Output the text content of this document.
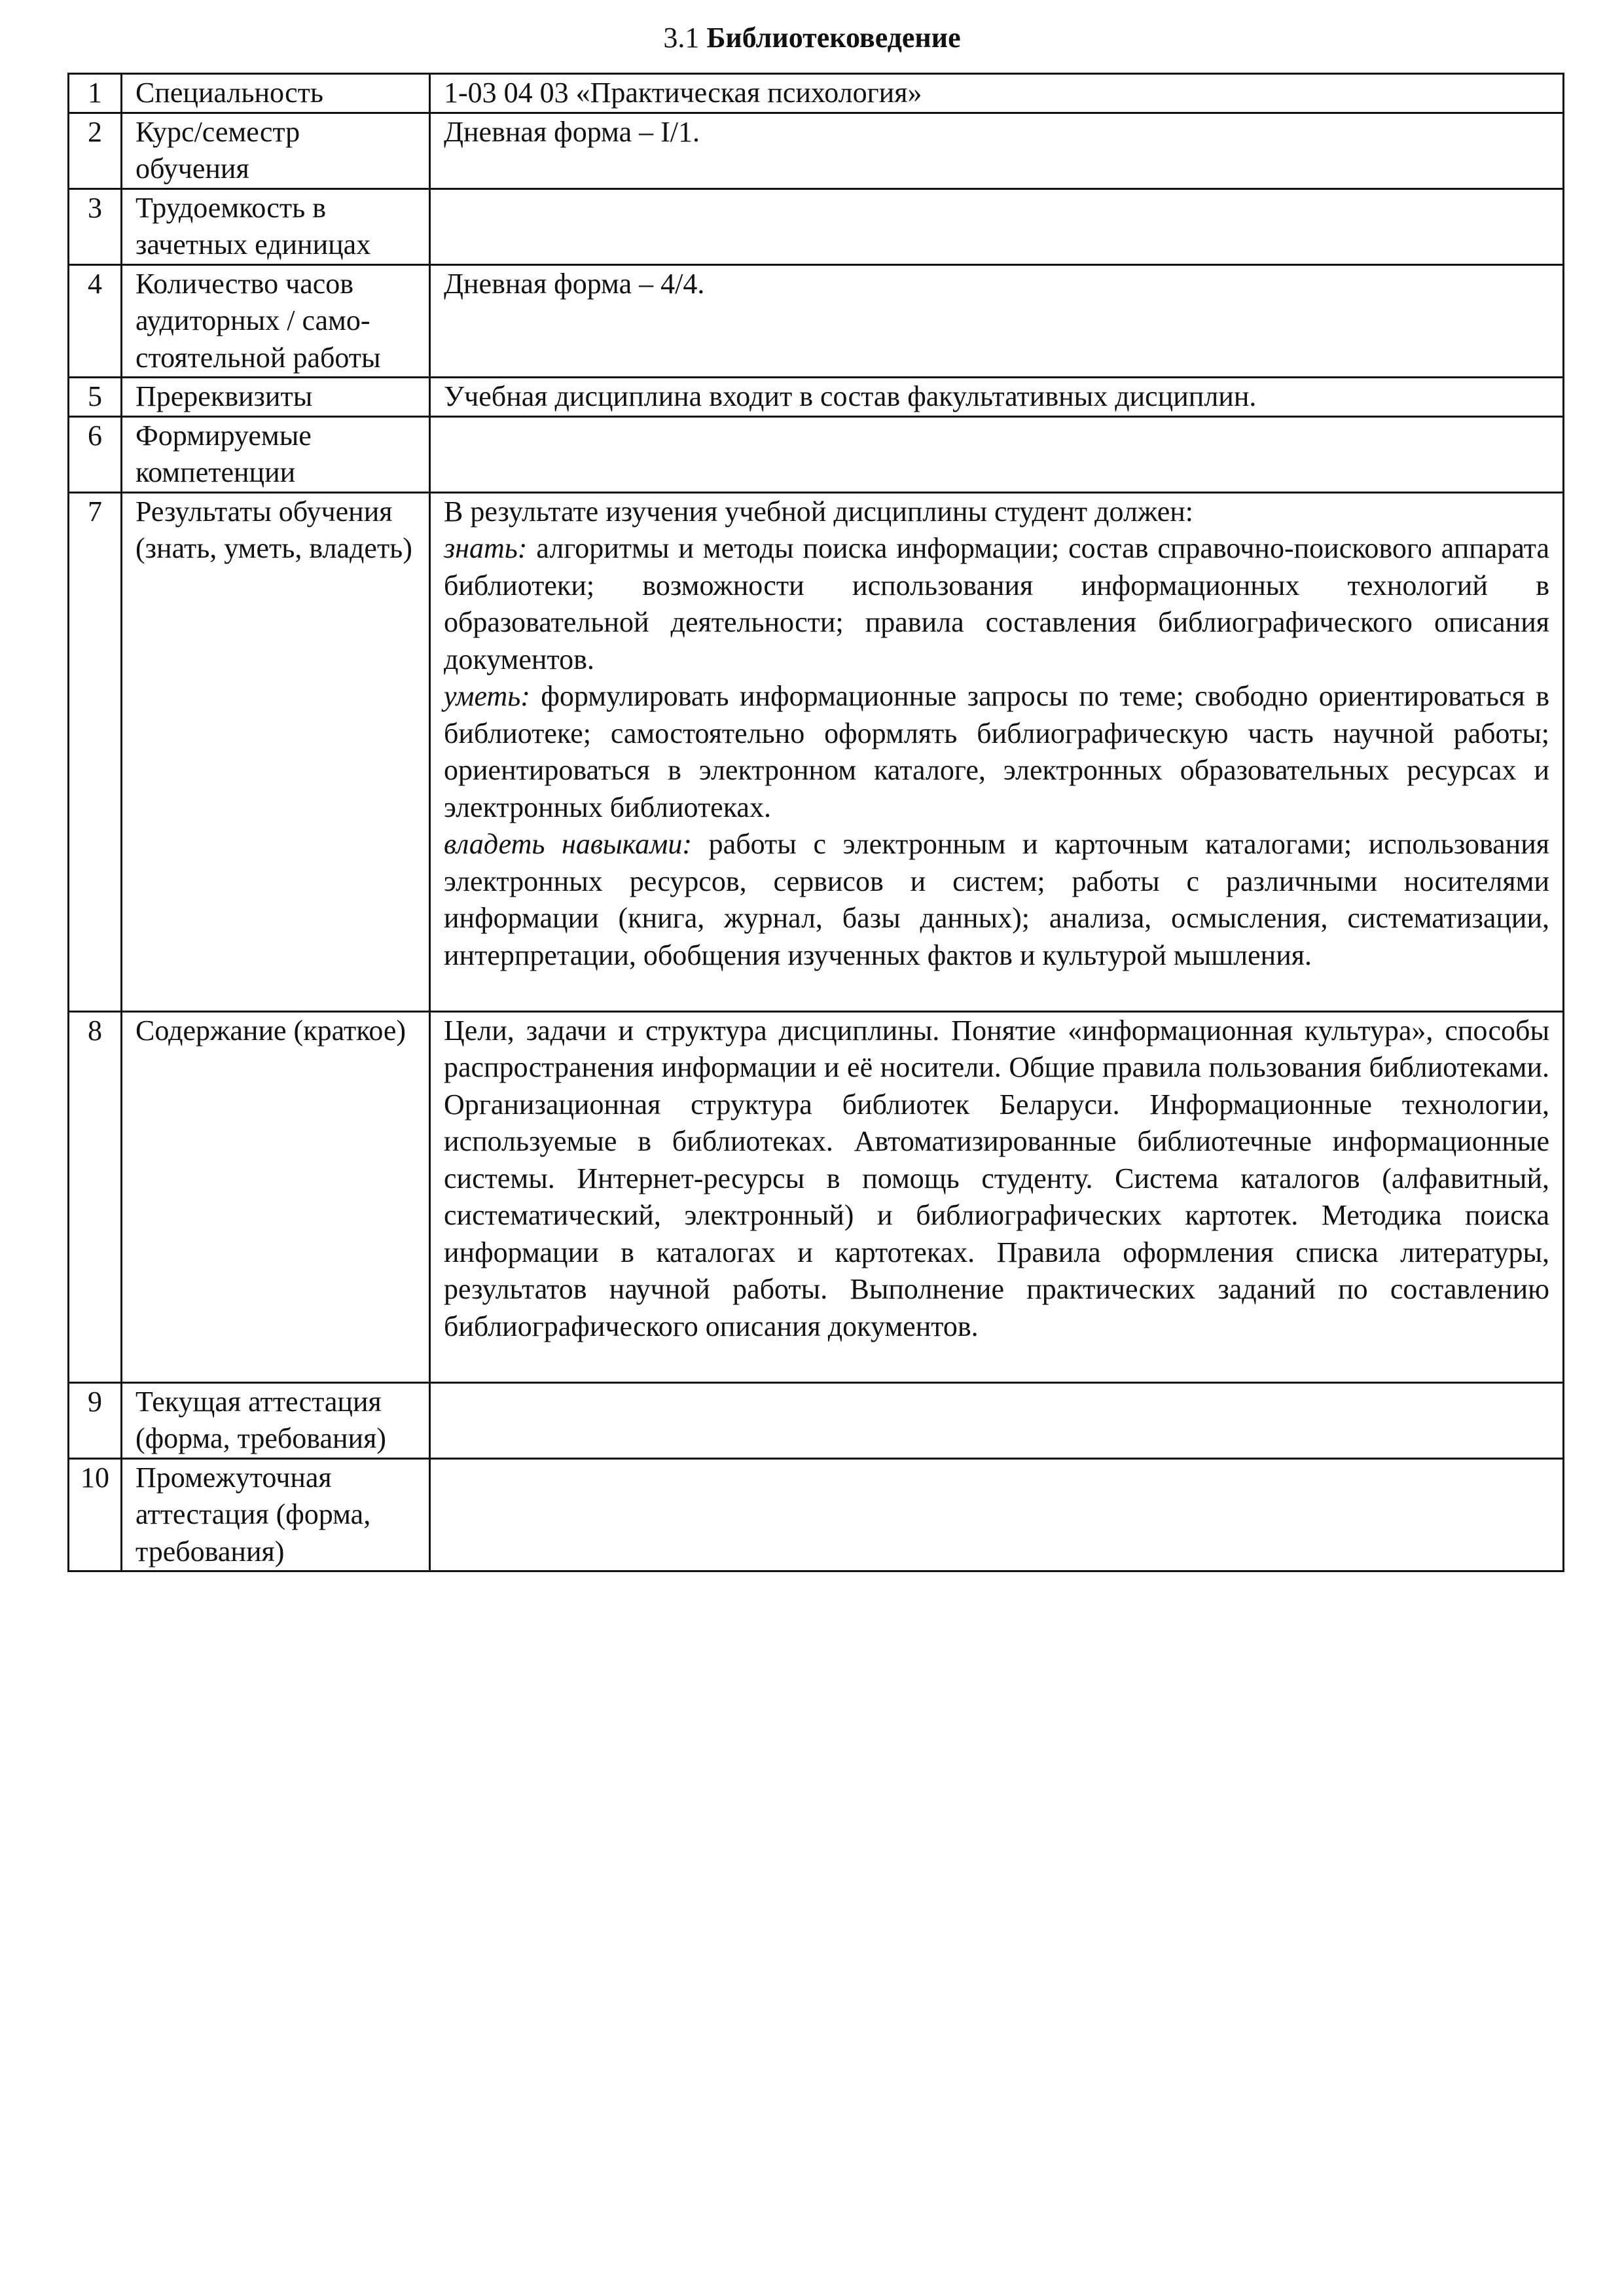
3.1 Библиотековедение
1	Специальность	1-03 04 03 «Практическая психология»
2	Курс/семестр обучения	Дневная форма – I/1.
3	Трудоемкость в зачетных единицах	
4	Количество часов аудиторных / само-стоятельной работы	Дневная форма – 4/4.
5	Пререквизиты	Учебная дисциплина входит в состав факультативных дисциплин.
6	Формируемые компетенции	
7	Результаты обучения (знать, уметь, владеть)	В результате изучения учебной дисциплины студент должен:

знать: алгоритмы и методы поиска информации; состав справочно-поискового аппарата библиотеки; возможности использования информационных технологий в образовательной деятельности; правила составления библиографического описания документов.

уметь: формулировать информационные запросы по теме; свободно ориентироваться в библиотеке; самостоятельно оформлять библиографическую часть научной работы; ориентироваться в электронном каталоге, электронных образовательных ресурсах и электронных библиотеках.

владеть навыками: работы с электронным и карточным каталогами; использования электронных ресурсов, сервисов и систем; работы с различными носителями информации (книга, журнал, базы данных); анализа, осмысления, систематизации, интерпретации, обобщения изученных фактов и культурой мышления.

8	Содержание (краткое)	Цели, задачи и структура дисциплины. Понятие «информационная культура», способы распространения информации и её носители. Общие правила пользования библиотеками. Организационная структура библиотек Беларуси. Информационные технологии, используемые в библиотеках. Автоматизированные библиотечные информационные системы. Интернет-ресурсы в помощь студенту. Система каталогов (алфавитный, систематический, электронный) и библиографических картотек. Методика поиска информации в каталогах и картотеках. Правила оформления списка литературы, результатов научной работы. Выполнение практических заданий по составлению библиографического описания документов.

9	Текущая аттестация (форма, требования)	
10	Промежуточная аттестация (форма, требования)	
